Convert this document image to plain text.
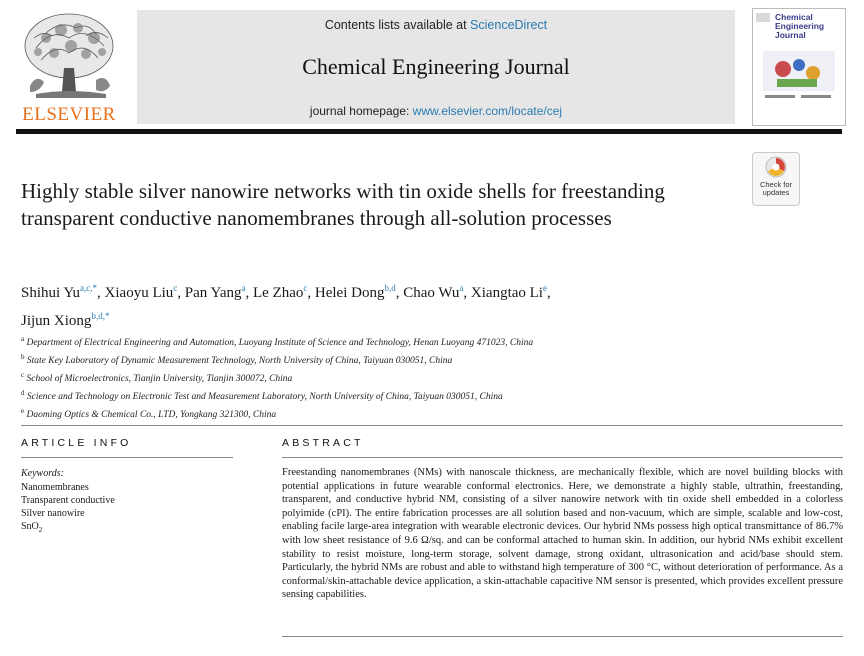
ELSEVIER
Contents lists available at ScienceDirect
Chemical Engineering Journal
journal homepage: www.elsevier.com/locate/cej
Chemical Engineering Journal
Check for updates
Highly stable silver nanowire networks with tin oxide shells for freestanding transparent conductive nanomembranes through all-solution processes
Shihui $Yu^{a,c,*}$, Xiaoyu Liu$^c$, Pan Yang$^a$, Le Zhao$^c$, Helei Dong$^{b,d}$, Chao Wu$^a$, Xiangtao Li$^e$,
Jijun Xiong$^{b,d,*}$
$^a$ Department of Electrical Engineering and Automation, Luoyang Institute of Science and Technology, Henan Luoyang 471023, China
$^b$ State Key Laboratory of Dynamic Measurement Technology, North University of China, Taiyuan 030051, China
$^c$ School of Microelectronics, Tianjin University, Tianjin 300072, China
$^d$ Science and Technology on Electronic Test and Measurement Laboratory, North University of China, Taiyuan 030051, China
$^e$ Daoming Optics & Chemical Co., LTD, Yongkang 321300, China
ARTICLE INFO	ABSTRACT
Keywords:
Nanomembranes
Transparent conductive
Silver nanowire
SnO$_2$
Freestanding nanomembranes (NMs) with nanoscale thickness, are mechanically flexible, which are novel building blocks with potential applications in future wearable conformal electronics. Here, we demonstrate a highly stable, ultrathin, freestanding, transparent, and conductive hybrid NM, consisting of a silver nanowire network with tin oxide shell embedded in a colorless polyimide (cPI). The entire fabrication processes are all solution based and non-vacuum, which are simple, scalable and low-cost, enabling facile large-area integration with wearable electronic devices. Our hybrid NMs possess high optical transmittance of 86.7% with low sheet resistance of 9.6 Ω/sq. and can be conformal attached to human skin. In addition, our hybrid NMs exhibit excellent stability to resist moisture, long-term storage, solvent damage, strong oxidant, ultrasonication and acid/base should stem. Particularly, the hybrid NMs are robust and able to withstand high temperature of 300 °C, without deterioration of performance. As a conformal/skin-attachable device application, a skin-attachable capacitive NM sensor is presented, which provides excellent pressure sensing capabilities.
